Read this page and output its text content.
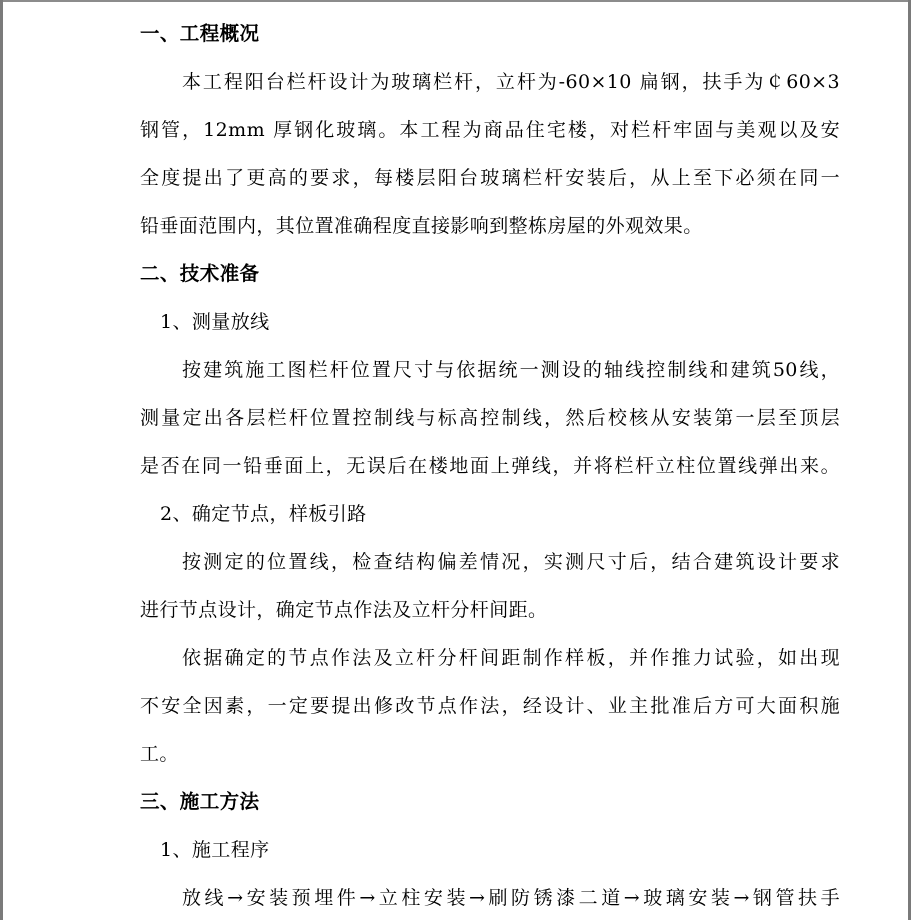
一、工程概况
本工程阳台栏杆设计为玻璃栏杆，立杆为-60×10 扁钢，扶手为￠60×3
钢管，12mm 厚钢化玻璃。本工程为商品住宅楼，对栏杆牢固与美观以及安
全度提出了更高的要求，每楼层阳台玻璃栏杆安装后，从上至下必须在同一
铅垂面范围内，其位置准确程度直接影响到整栋房屋的外观效果。
二、技术准备
1、测量放线
按建筑施工图栏杆位置尺寸与依据统一测设的轴线控制线和建筑50线，
测量定出各层栏杆位置控制线与标高控制线，然后校核从安装第一层至顶层
是否在同一铅垂面上，无误后在楼地面上弹线，并将栏杆立柱位置线弹出来。
2、确定节点，样板引路
按测定的位置线，检查结构偏差情况，实测尺寸后，结合建筑设计要求
进行节点设计，确定节点作法及立杆分杆间距。
依据确定的节点作法及立杆分杆间距制作样板，并作推力试验，如出现
不安全因素，一定要提出修改节点作法，经设计、业主批准后方可大面积施
工。
三、施工方法
1、施工程序
放线→安装预埋件→立柱安装→刷防锈漆二道→玻璃安装→钢管扶手
